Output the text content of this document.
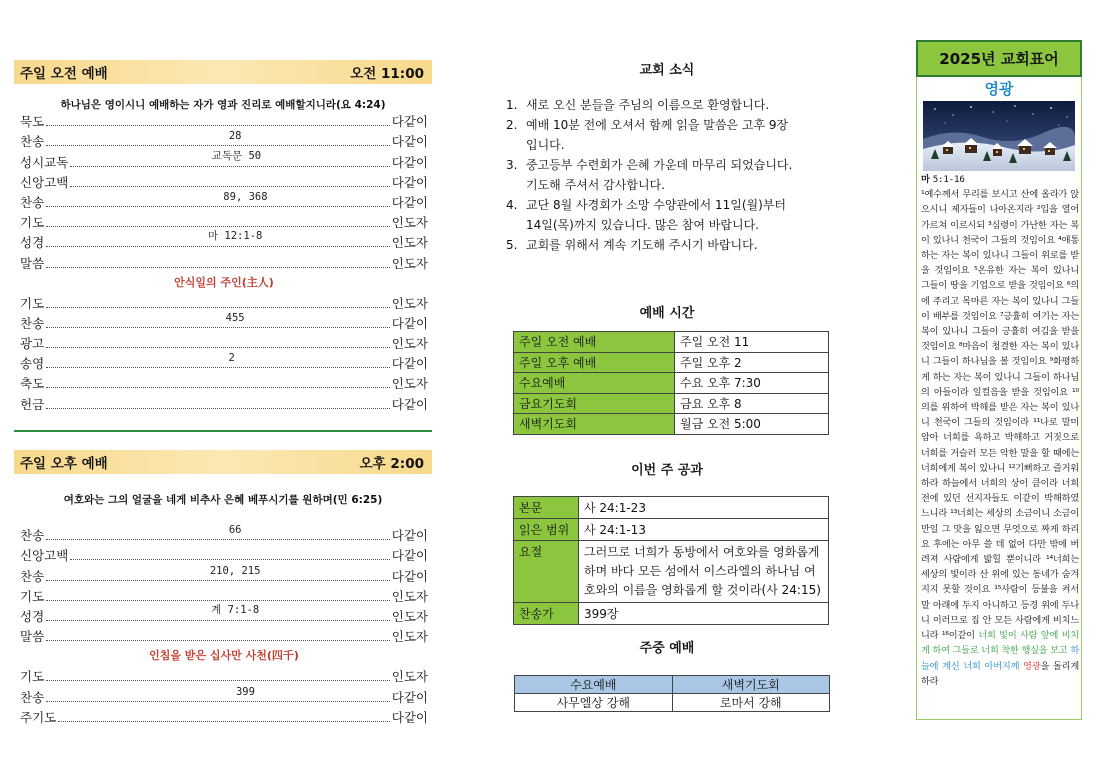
주일 오전 예배	오전 11:00
하나님은 영이시니 예배하는 자가 영과 진리로 예배할지니라(요 4:24)
묵도	다같이
찬송	28	다같이
성시교독	교독문 50	다같이
신앙고백	다같이
찬송	89, 368	다같이
기도	인도자
성경	마 12:1-8	인도자
말씀	인도자
안식일의 주인(主人)
기도	인도자
찬송	455	다같이
광고	인도자
송영	2	다같이
축도	인도자
헌금	다같이
주일 오후 예배	오후 2:00
여호와는 그의 얼굴을 네게 비추사 은혜 베푸시기를 원하며(민 6:25)
찬송	66	다같이
신앙고백	다같이
찬송	210, 215	다같이
기도	인도자
성경	계 7:1-8	인도자
말씀	인도자
인침을 받은 십사만 사천(四千)
기도	인도자
찬송	399	다같이
주기도	다같이
교회 소식
1. 새로 오신 분들을 주님의 이름으로 환영합니다.
2. 예배 10분 전에 오셔서 함께 읽을 말씀은 고후 9장
입니다.
3. 중고등부 수련회가 은혜 가운데 마무리 되었습니다.
기도해 주셔서 감사합니다.
4. 교단 8월 사경회가 소망 수양관에서 11일(월)부터
14일(목)까지 있습니다. 많은 참여 바랍니다.
5. 교회를 위해서 계속 기도해 주시기 바랍니다.
예배 시간
주일 오전 예배	주일 오전 11
주일 오후 예배	주일 오후 2
수요예배	수요 오후 7:30
금요기도회	금요 오후 8
새벽기도회	월금 오전 5:00
이번 주 공과
본문	사 24:1-23
읽은 범위	사 24:1-13
요절	그러므로 너희가 동방에서 여호와를 영화롭게 하며 바다 모든 섬에서 이스라엘의 하나님 여호와의 이름을 영화롭게 할 것이라(사 24:15)
찬송가	399장
주중 예배
수요예배	새벽기도회
사무엘상 강해	로마서 강해
2025년 교회표어
영광
마 5:1-16
¹예수께서 무리를 보시고 산에 올라가 앉으시니 제자들이 나아온지라 ²입을 열어 가르쳐 이르시되 ³심령이 가난한 자는 복이 있나니 천국이 그들의 것임이요 ⁴애통하는 자는 복이 있나니 그들이 위로를 받을 것임이요 ⁵온유한 자는 복이 있나니 그들이 땅을 기업으로 받을 것임이요 ⁶의에 주리고 목마른 자는 복이 있나니 그들이 배부를 것임이요 ⁷긍휼히 여기는 자는 복이 있나니 그들이 긍휼히 여김을 받을 것임이요 ⁸마음이 청결한 자는 복이 있나니 그들이 하나님을 볼 것임이요 ⁹화평하게 하는 자는 복이 있나니 그들이 하나님의 아들이라 일컬음을 받을 것임이요 ¹⁰의를 위하여 박해를 받은 자는 복이 있나니 천국이 그들의 것임이라 ¹¹나로 말미암아 너희를 욕하고 박해하고 거짓으로 너희를 거슬러 모든 악한 말을 할 때에는 너희에게 복이 있나니 ¹²기뻐하고 즐거워하라 하늘에서 너희의 상이 큼이라 너희 전에 있던 선지자들도 이같이 박해하였느니라 ¹³너희는 세상의 소금이니 소금이 만일 그 맛을 잃으면 무엇으로 짜게 하리요 후에는 아무 쓸 데 없어 다만 밖에 버려져 사람에게 밟힐 뿐이니라 ¹⁴너희는 세상의 빛이라 산 위에 있는 동네가 숨겨지지 못할 것이요 ¹⁵사람이 등불을 켜서 말 아래에 두지 아니하고 등경 위에 두나니 이러므로 집 안 모든 사람에게 비치느니라 ¹⁶이같이 너희 빛이 사람 앞에 비치게 하여 그들로 너희 착한 행실을 보고 하늘에 계신 너희 아버지께 영광을 돌리게 하라
